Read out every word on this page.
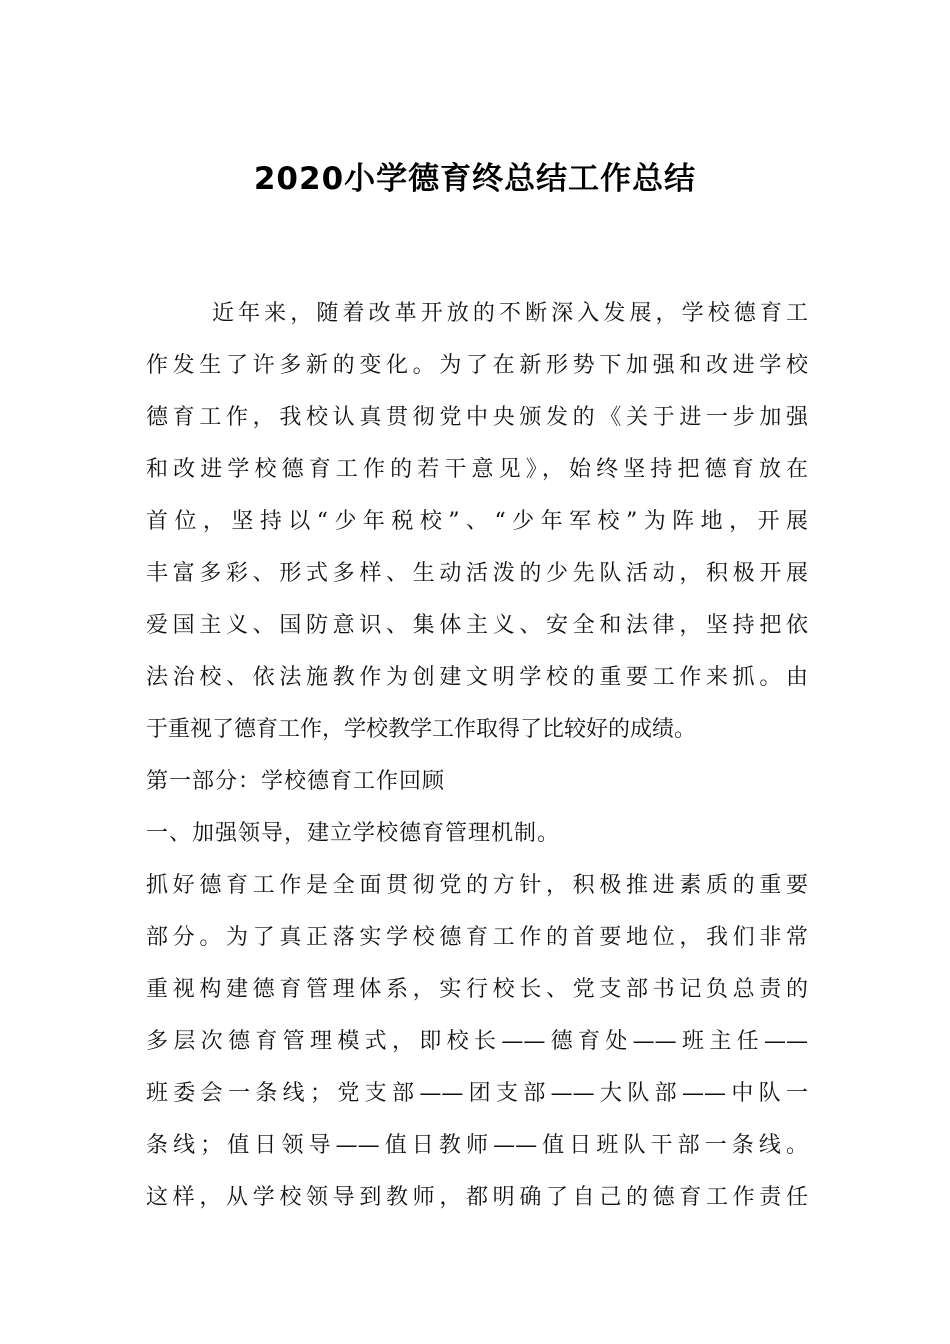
2020小学德育终总结工作总结
近年来，随着改革开放的不断深入发展，学校德育工
作发生了许多新的变化。为了在新形势下加强和改进学校
德育工作，我校认真贯彻党中央颁发的《关于进一步加强
和改进学校德育工作的若干意见》，始终坚持把德育放在
首位，坚持以“少年税校”、“少年军校”为阵地，开展
丰富多彩、形式多样、生动活泼的少先队活动，积极开展
爱国主义、国防意识、集体主义、安全和法律，坚持把依
法治校、依法施教作为创建文明学校的重要工作来抓。由
于重视了德育工作，学校教学工作取得了比较好的成绩。
第一部分：学校德育工作回顾
一、加强领导，建立学校德育管理机制。
抓好德育工作是全面贯彻党的方针，积极推进素质的重要
部分。为了真正落实学校德育工作的首要地位，我们非常
重视构建德育管理体系，实行校长、党支部书记负总责的
多层次德育管理模式，即校长——德育处——班主任——
班委会一条线；党支部——团支部——大队部——中队一
条线；值日领导——值日教师——值日班队干部一条线。
这样，从学校领导到教师，都明确了自己的德育工作责任
